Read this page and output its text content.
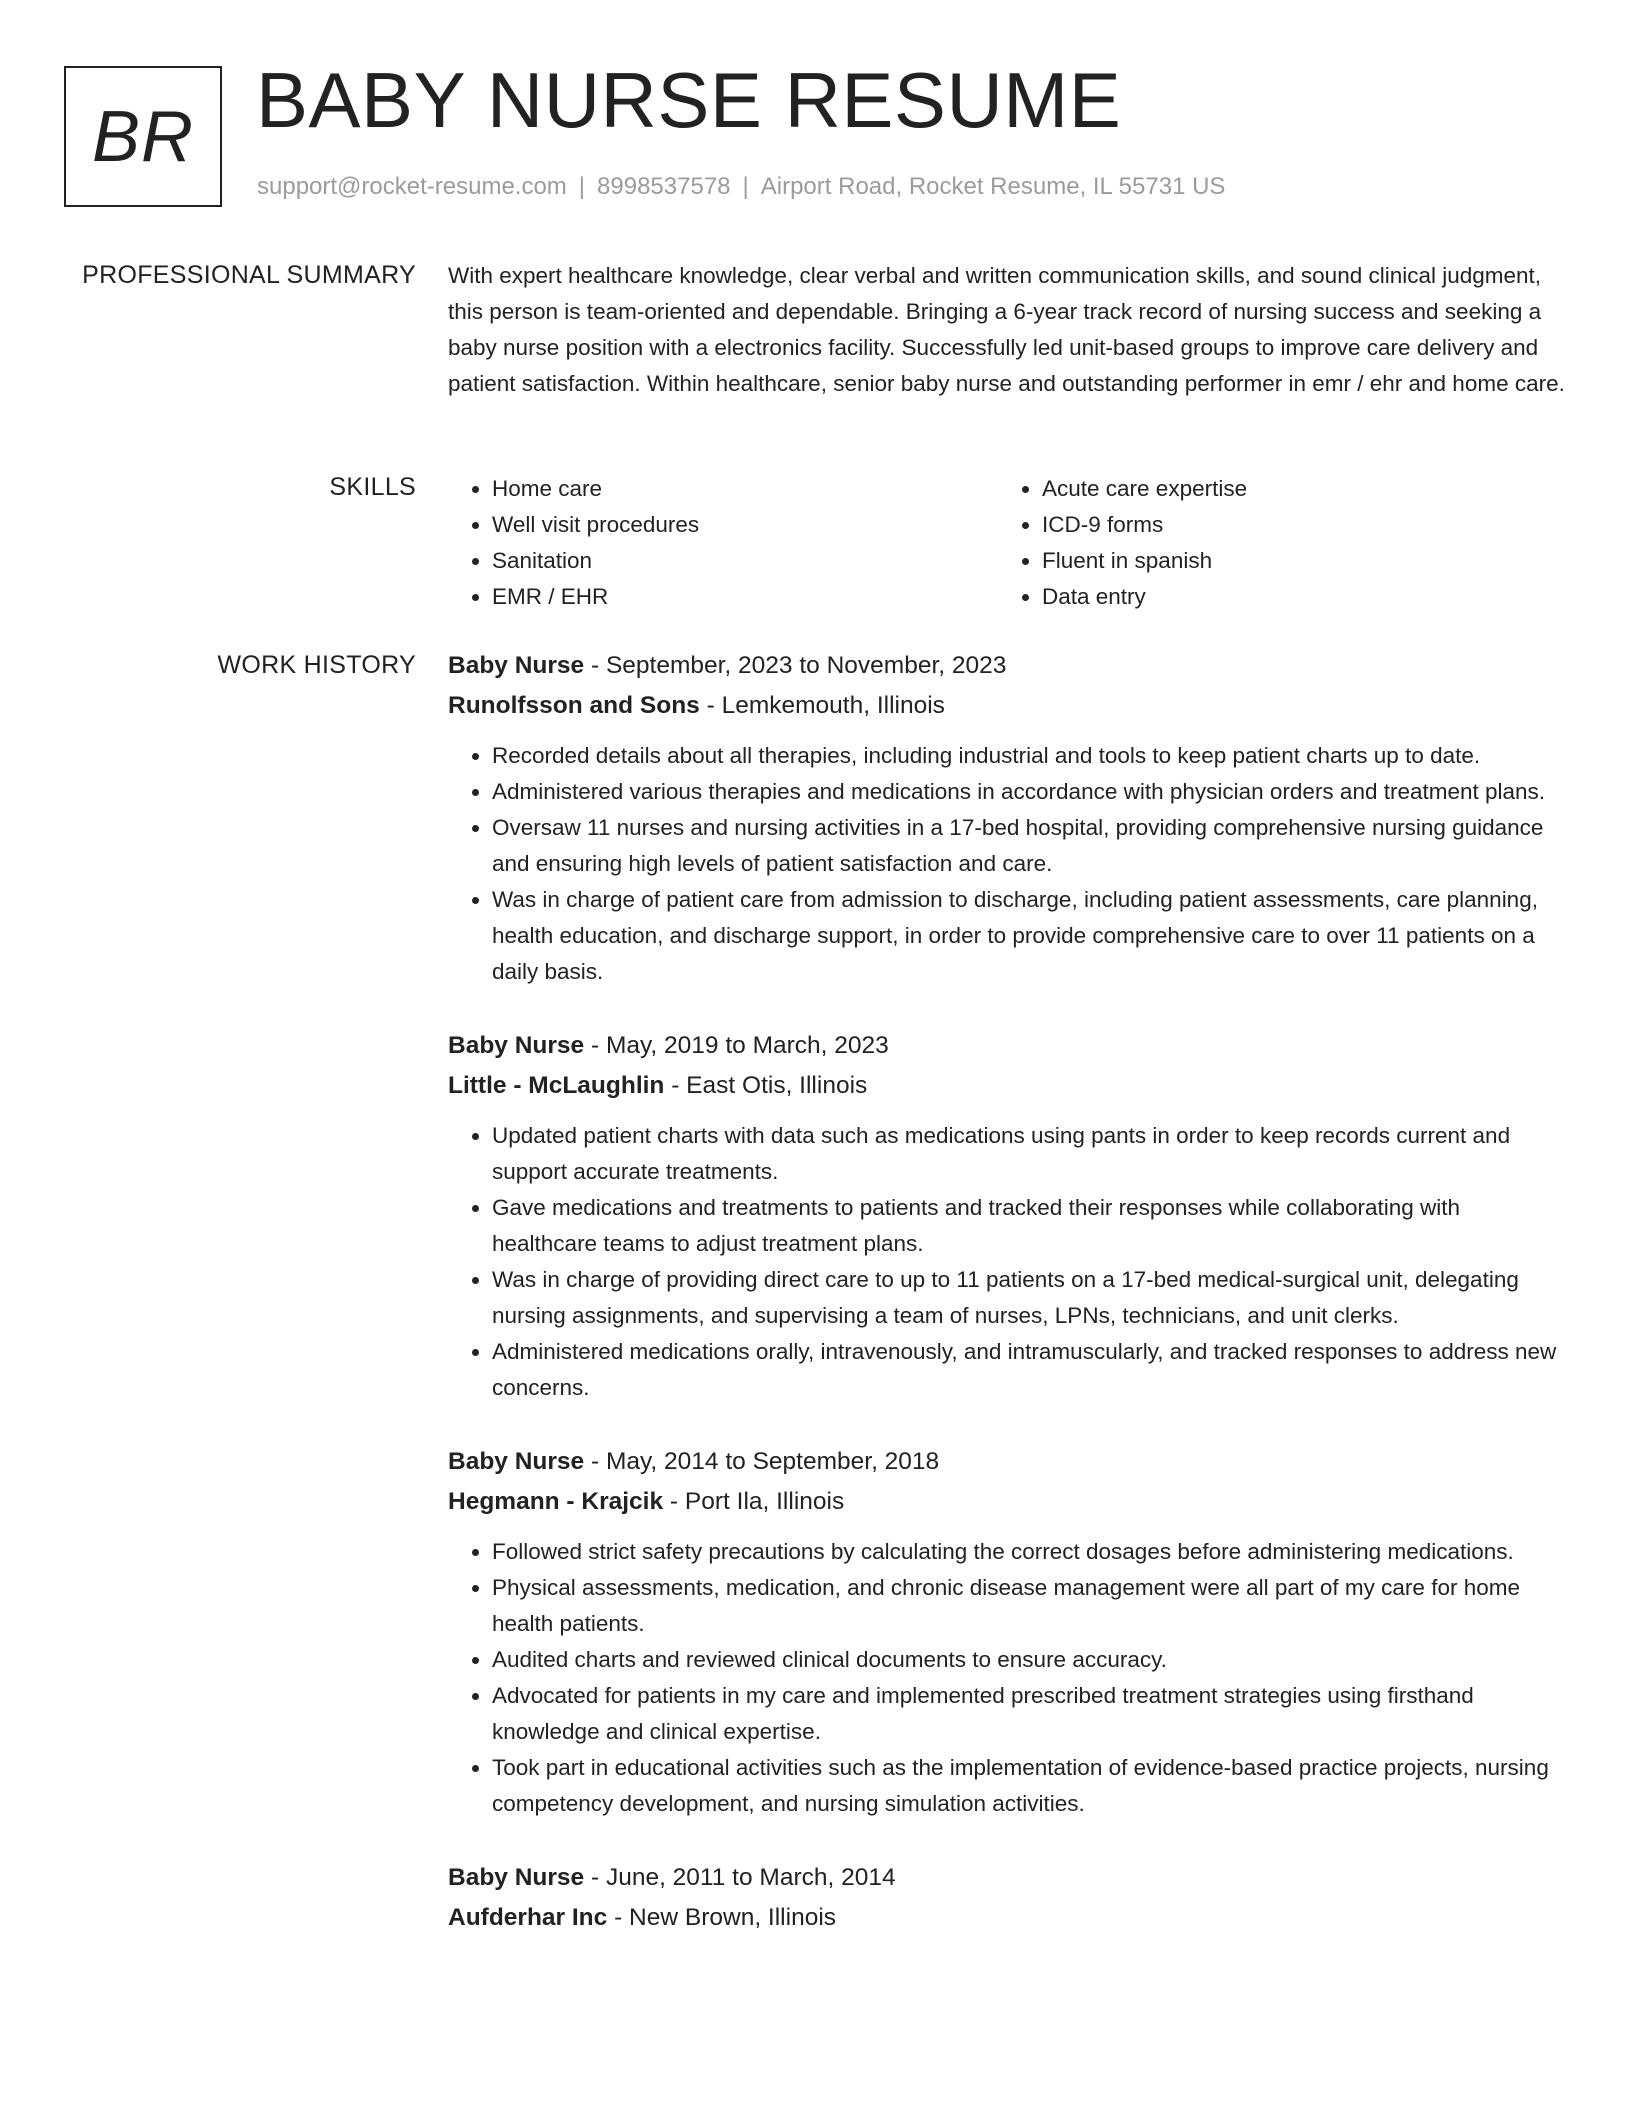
BR BABY NURSE RESUME
support@rocket-resume.com | 8998537578 | Airport Road, Rocket Resume, IL 55731 US
PROFESSIONAL SUMMARY With expert healthcare knowledge, clear verbal and written communication skills, and sound clinical judgment, this person is team-oriented and dependable. Bringing a 6-year track record of nursing success and seeking a baby nurse position with a electronics facility. Successfully led unit-based groups to improve care delivery and patient satisfaction. Within healthcare, senior baby nurse and outstanding performer in emr / ehr and home care.

SKILLS
•	Home care
• Well visit procedures
• Sanitation
• EMR / EHR
• Acute care expertise
• ICD-9 forms
• Fluent in spanish
• Data entry
WORK HISTORY Baby Nurse - September, 2023 to November, 2023
Runolfsson and Sons - Lemkemouth, Illinois
• Recorded details about all therapies, including industrial and tools to keep patient charts up to date.
• Administered various therapies and medications in accordance with physician orders and treatment plans.
• Oversaw 11 nurses and nursing activities in a 17-bed hospital, providing comprehensive nursing guidance and ensuring high levels of patient satisfaction and care.
• Was in charge of patient care from admission to discharge, including patient assessments, care planning, health education, and discharge support, in order to provide comprehensive care to over 11 patients on a daily basis.
Baby Nurse - May, 2019 to March, 2023
Little - McLaughlin - East Otis, Illinois
• Updated patient charts with data such as medications using pants in order to keep records current and support accurate treatments.
• Gave medications and treatments to patients and tracked their responses while collaborating with healthcare teams to adjust treatment plans.
• Was in charge of providing direct care to up to 11 patients on a 17-bed medical-surgical unit, delegating nursing assignments, and supervising a team of nurses, LPNs, technicians, and unit clerks.
• Administered medications orally, intravenously, and intramuscularly, and tracked responses to address new concerns.
Baby Nurse - May, 2014 to September, 2018
Hegmann - Krajcik - Port Ila, Illinois
• Followed strict safety precautions by calculating the correct dosages before administering medications.
• Physical assessments, medication, and chronic disease management were all part of my care for home health patients.
• Audited charts and reviewed clinical documents to ensure accuracy.
• Advocated for patients in my care and implemented prescribed treatment strategies using firsthand knowledge and clinical expertise.
• Took part in educational activities such as the implementation of evidence-based practice projects, nursing competency development, and nursing simulation activities.
Baby Nurse - June, 2011 to March, 2014
Aufderhar Inc - New Brown, Illinois
